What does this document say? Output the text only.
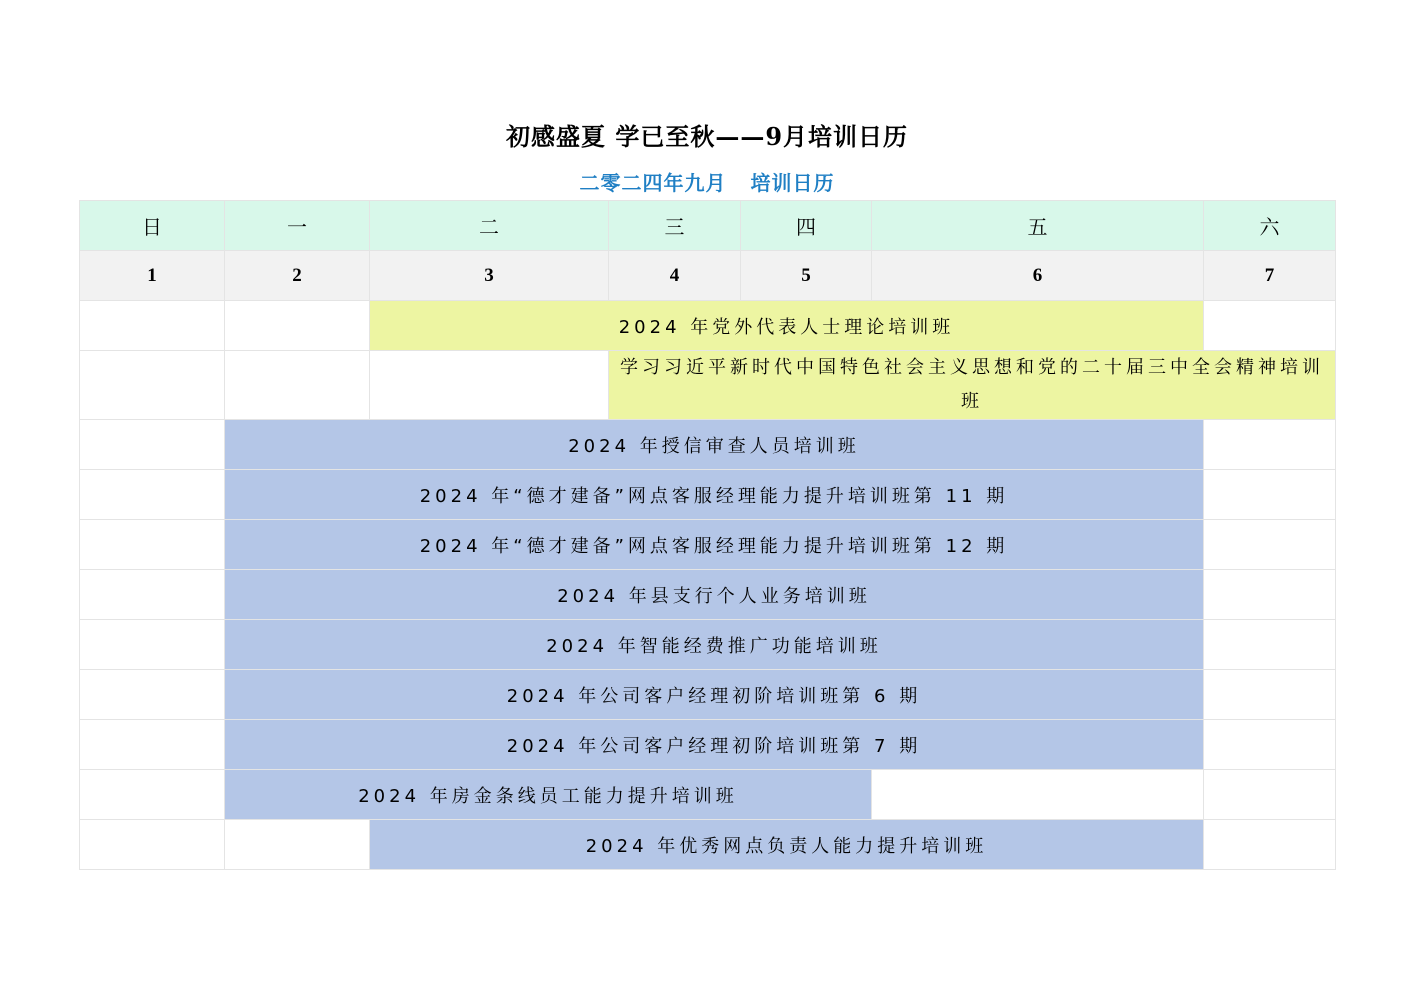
初感盛夏 学已至秋——9月培训日历
二零二四年九月 培训日历
日	一	二	三	四	五	六
1	2	3	4	5	6	7
		2024 年党外代表人士理论培训班				

			学习习近平新时代中国特色社会主义思想和党的二十届三中全会精神培训班			

	2024 年授信审查人员培训班					
	2024 年“德才建备”网点客服经理能力提升培训班第 11 期					
	2024 年“德才建备”网点客服经理能力提升培训班第 12 期					
	2024 年县支行个人业务培训班					
	2024 年智能经费推广功能培训班					
	2024 年公司客户经理初阶培训班第 6 期					
	2024 年公司客户经理初阶培训班第 7 期					
	2024 年房金条线员工能力提升培训班					
		2024 年优秀网点负责人能力提升培训班				
